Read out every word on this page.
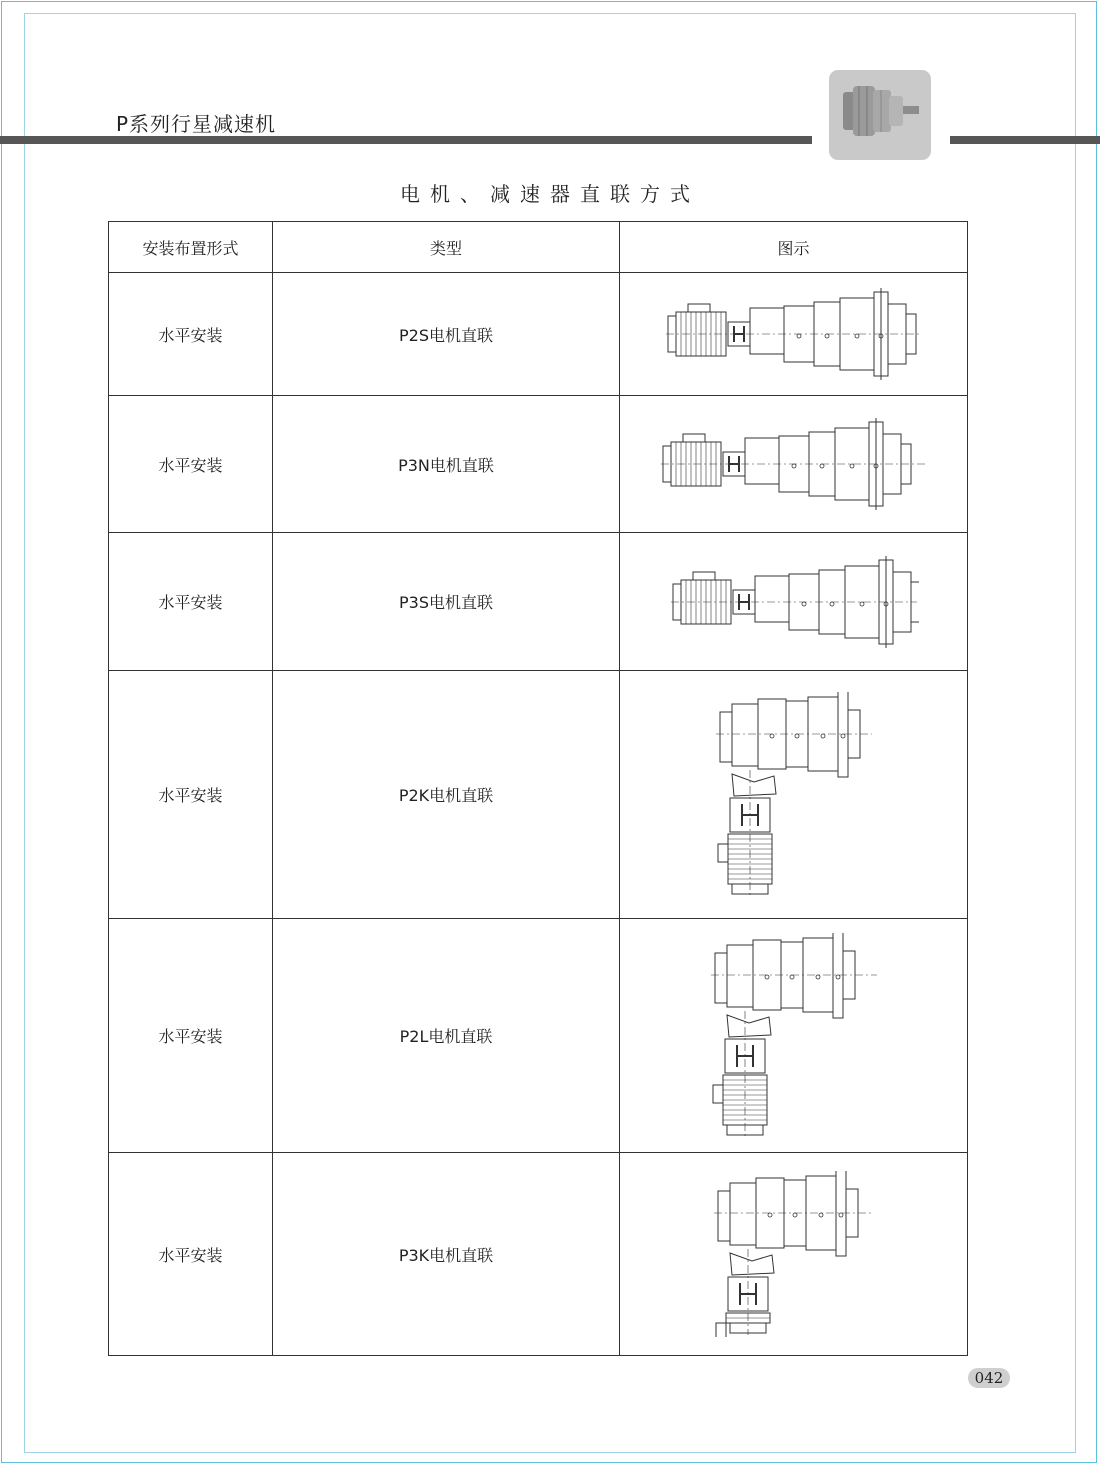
P系列行星减速机
电机、减速器直联方式
安装布置形式	类型	图示
水平安装	P2S电机直联	

水平安装	P3N电机直联	

水平安装	P3S电机直联	

水平安装	P2K电机直联	

水平安装	P2L电机直联	

水平安装	P3K电机直联	
042
